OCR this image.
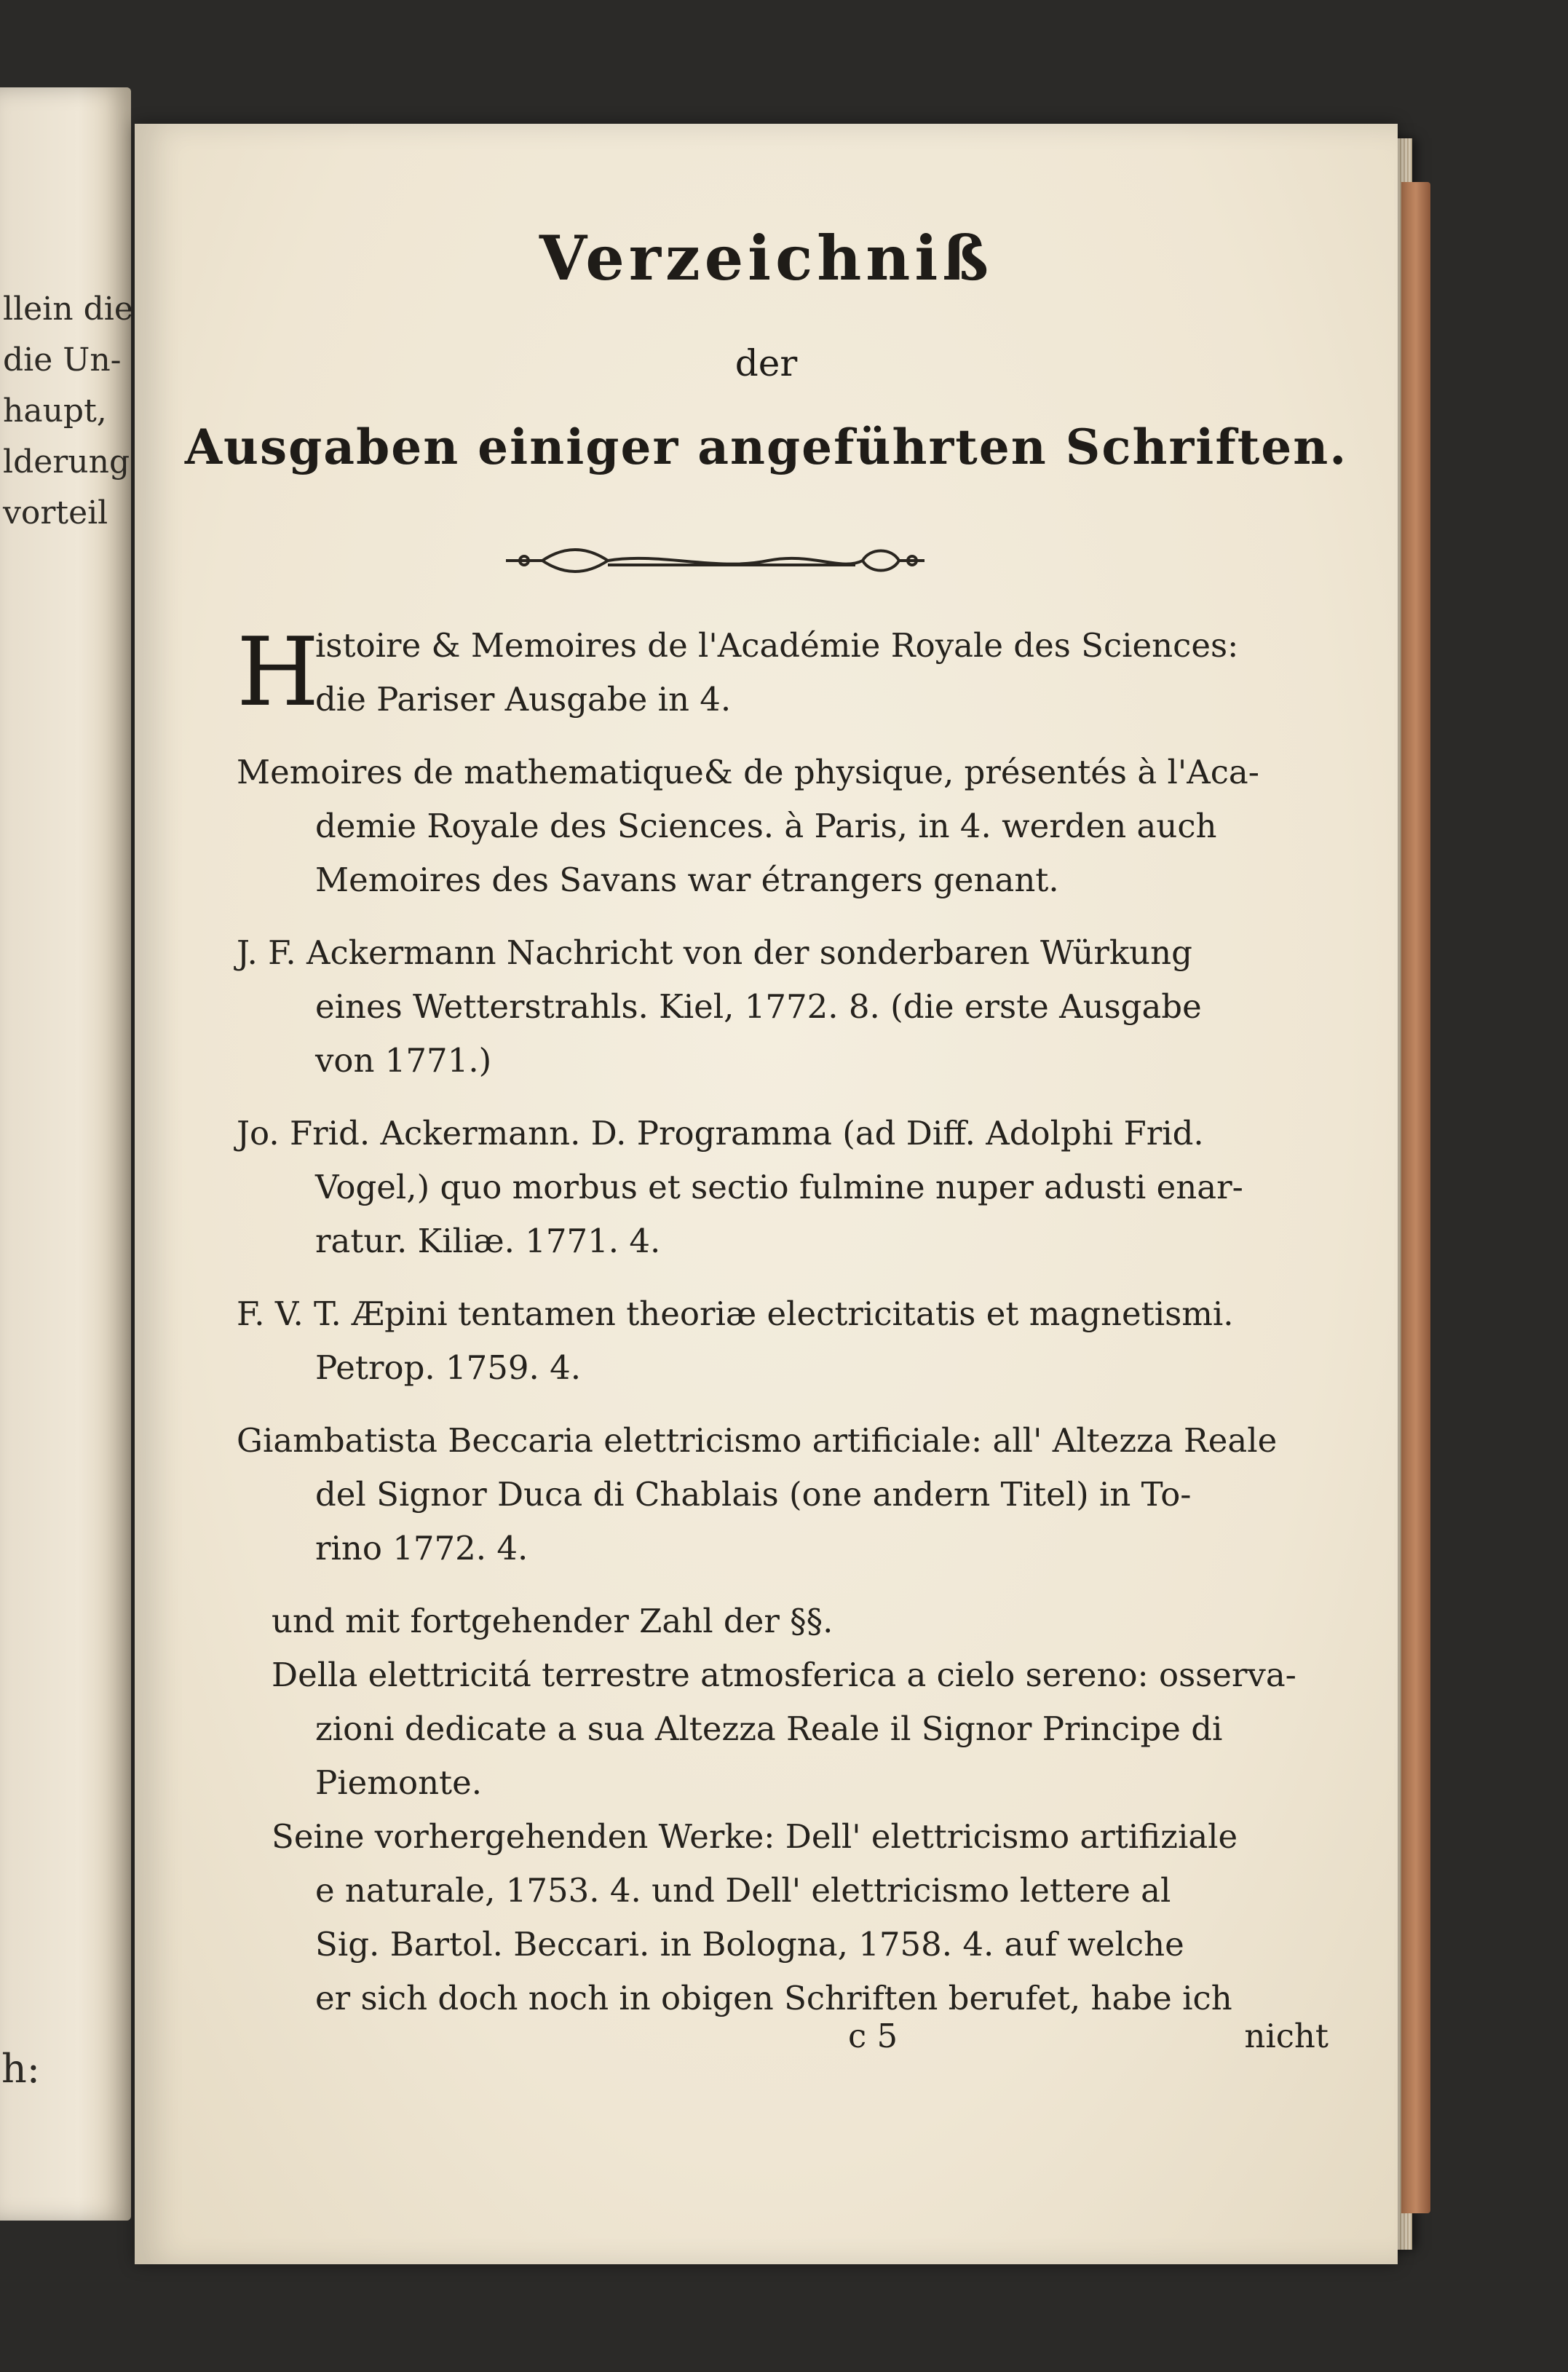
llein die
die Un-
haupt,
lderung
vorteil
h:
Verzeichniß
der
Ausgaben einiger angeführten Schriften.
H
istoire & Memoires de l'Académie Royale des Sciences:
die Pariser Ausgabe in 4.
Memoires de mathematique& de physique, présentés à l'Aca-
demie Royale des Sciences. à Paris, in 4. werden auch
Memoires des Savans war étrangers genant.
J. F. Ackermann Nachricht von der sonderbaren Würkung
eines Wetterstrahls. Kiel, 1772. 8. (die erste Ausgabe
von 1771.)
Jo. Frid. Ackermann. D. Programma (ad Diff. Adolphi Frid.
Vogel,) quo morbus et sectio fulmine nuper adusti enar-
ratur. Kiliæ. 1771. 4.
F. V. T. Æpini tentamen theoriæ electricitatis et magnetismi.
Petrop. 1759. 4.
Giambatista Beccaria elettricismo artificiale: all' Altezza Reale
del Signor Duca di Chablais (one andern Titel) in To-
rino 1772. 4.
und mit fortgehender Zahl der §§.
Della elettricitá terrestre atmosferica a cielo sereno: osserva-
zioni dedicate a sua Altezza Reale il Signor Principe di
Piemonte.
Seine vorhergehenden Werke: Dell' elettricismo artifiziale
e naturale, 1753. 4. und Dell' elettricismo lettere al
Sig. Bartol. Beccari. in Bologna, 1758. 4. auf welche
er sich doch noch in obigen Schriften berufet, habe ich
c 5	nicht
